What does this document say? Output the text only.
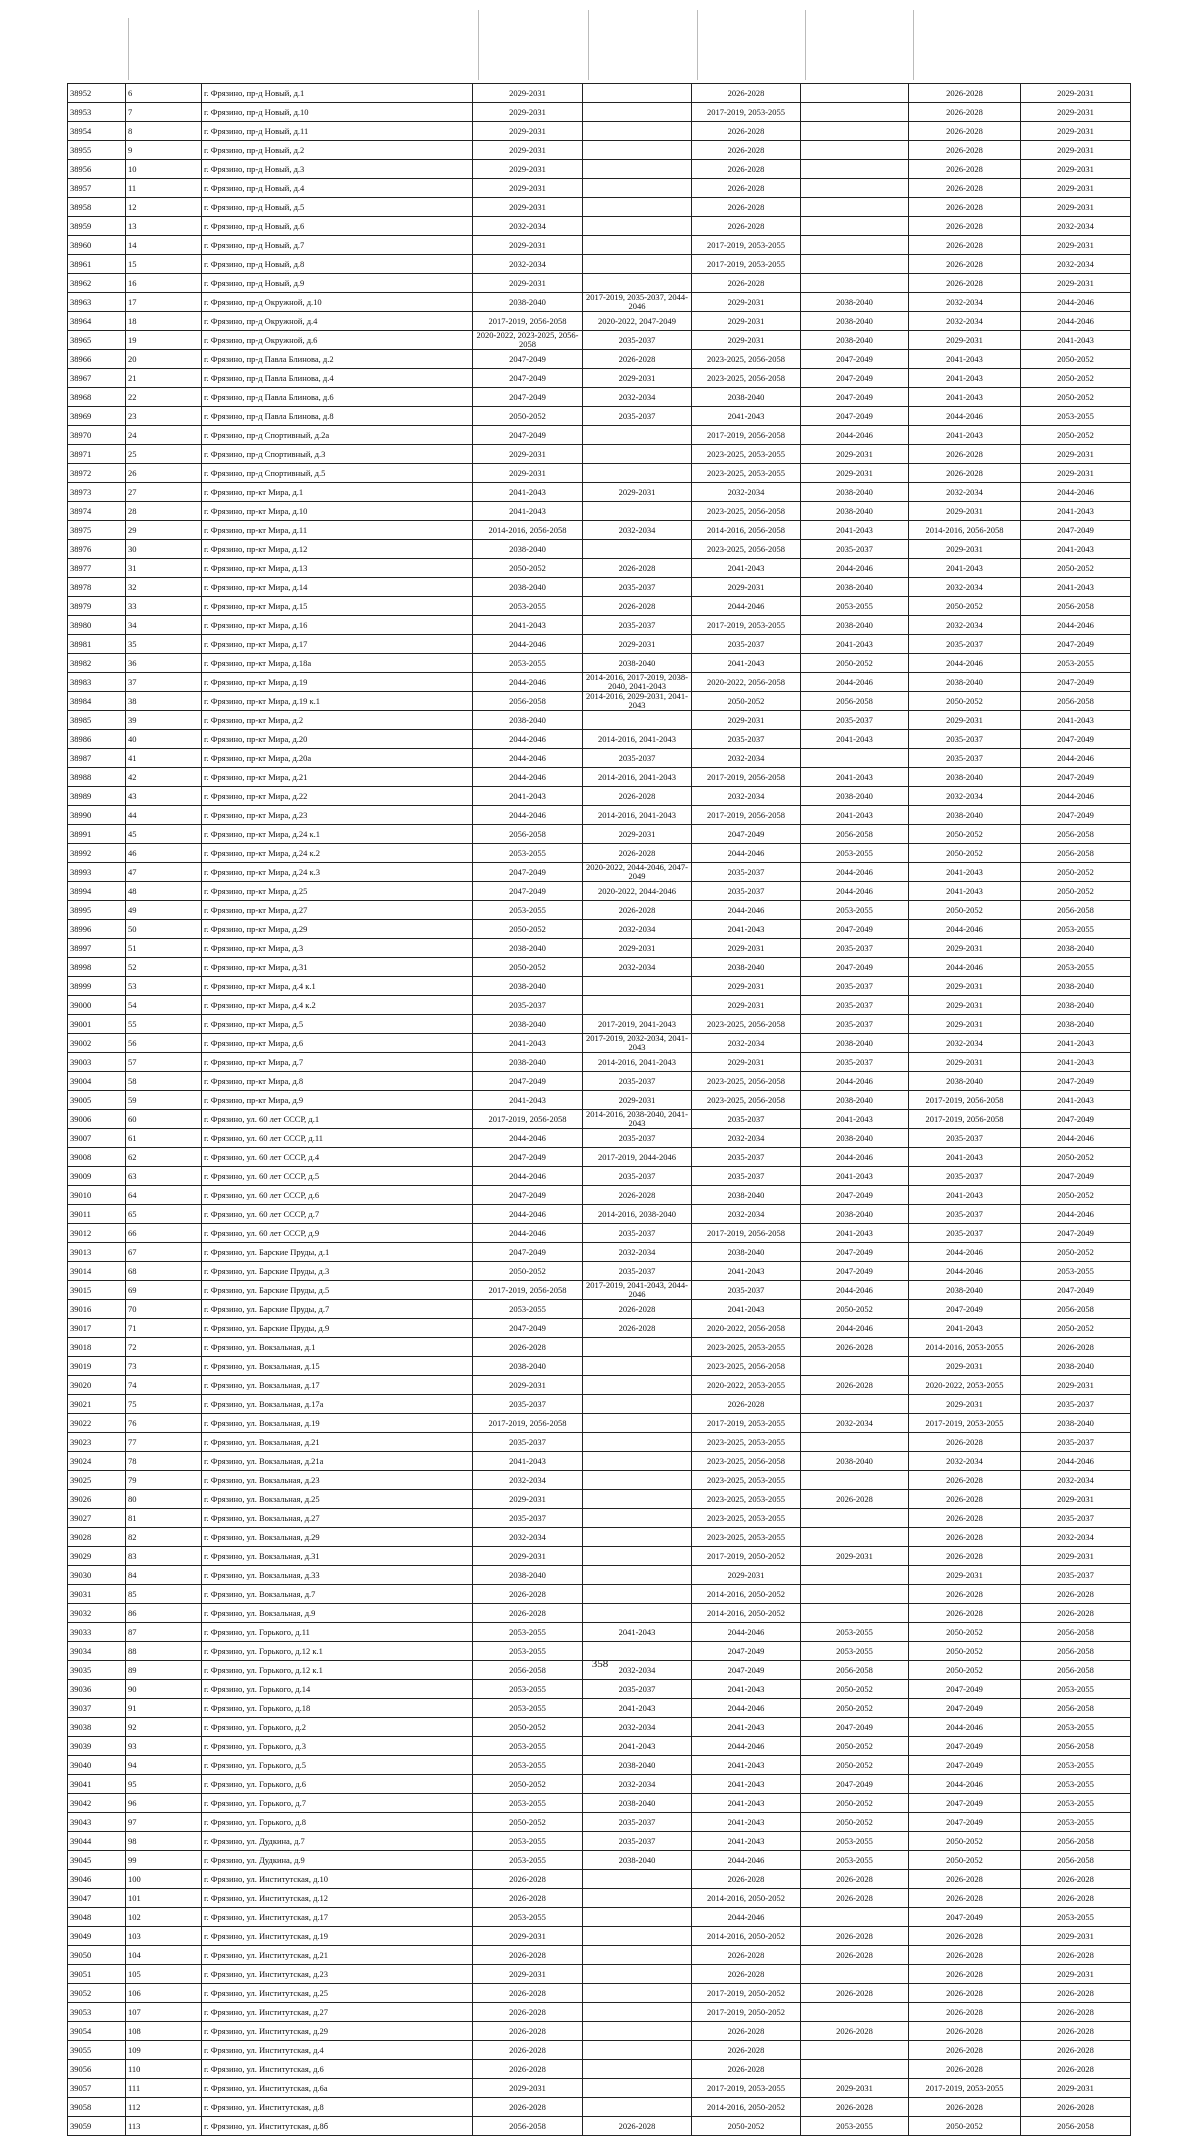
38952	6	г. Фрязино, пр-д Новый, д.1	2029-2031		2026-2028		2026-2028	2029-2031
38953	7	г. Фрязино, пр-д Новый, д.10	2029-2031		2017-2019, 2053-2055		2026-2028	2029-2031
38954	8	г. Фрязино, пр-д Новый, д.11	2029-2031		2026-2028		2026-2028	2029-2031
38955	9	г. Фрязино, пр-д Новый, д.2	2029-2031		2026-2028		2026-2028	2029-2031
38956	10	г. Фрязино, пр-д Новый, д.3	2029-2031		2026-2028		2026-2028	2029-2031
38957	11	г. Фрязино, пр-д Новый, д.4	2029-2031		2026-2028		2026-2028	2029-2031
38958	12	г. Фрязино, пр-д Новый, д.5	2029-2031		2026-2028		2026-2028	2029-2031
38959	13	г. Фрязино, пр-д Новый, д.6	2032-2034		2026-2028		2026-2028	2032-2034
38960	14	г. Фрязино, пр-д Новый, д.7	2029-2031		2017-2019, 2053-2055		2026-2028	2029-2031
38961	15	г. Фрязино, пр-д Новый, д.8	2032-2034		2017-2019, 2053-2055		2026-2028	2032-2034
38962	16	г. Фрязино, пр-д Новый, д.9	2029-2031		2026-2028		2026-2028	2029-2031
38963	17	г. Фрязино, пр-д Окружной, д.10	2038-2040	2017-2019, 2035-2037, 2044-2046	2029-2031	2038-2040	2032-2034	2044-2046
38964	18	г. Фрязино, пр-д Окружной, д.4	2017-2019, 2056-2058	2020-2022, 2047-2049	2029-2031	2038-2040	2032-2034	2044-2046
38965	19	г. Фрязино, пр-д Окружной, д.6	2020-2022, 2023-2025, 2056-2058	2035-2037	2029-2031	2038-2040	2029-2031	2041-2043
38966	20	г. Фрязино, пр-д Павла Блинова, д.2	2047-2049	2026-2028	2023-2025, 2056-2058	2047-2049	2041-2043	2050-2052
38967	21	г. Фрязино, пр-д Павла Блинова, д.4	2047-2049	2029-2031	2023-2025, 2056-2058	2047-2049	2041-2043	2050-2052
38968	22	г. Фрязино, пр-д Павла Блинова, д.6	2047-2049	2032-2034	2038-2040	2047-2049	2041-2043	2050-2052
38969	23	г. Фрязино, пр-д Павла Блинова, д.8	2050-2052	2035-2037	2041-2043	2047-2049	2044-2046	2053-2055
38970	24	г. Фрязино, пр-д Спортивный, д.2а	2047-2049		2017-2019, 2056-2058	2044-2046	2041-2043	2050-2052
38971	25	г. Фрязино, пр-д Спортивный, д.3	2029-2031		2023-2025, 2053-2055	2029-2031	2026-2028	2029-2031
38972	26	г. Фрязино, пр-д Спортивный, д.5	2029-2031		2023-2025, 2053-2055	2029-2031	2026-2028	2029-2031
38973	27	г. Фрязино, пр-кт Мира, д.1	2041-2043	2029-2031	2032-2034	2038-2040	2032-2034	2044-2046
38974	28	г. Фрязино, пр-кт Мира, д.10	2041-2043		2023-2025, 2056-2058	2038-2040	2029-2031	2041-2043
38975	29	г. Фрязино, пр-кт Мира, д.11	2014-2016, 2056-2058	2032-2034	2014-2016, 2056-2058	2041-2043	2014-2016, 2056-2058	2047-2049
38976	30	г. Фрязино, пр-кт Мира, д.12	2038-2040		2023-2025, 2056-2058	2035-2037	2029-2031	2041-2043
38977	31	г. Фрязино, пр-кт Мира, д.13	2050-2052	2026-2028	2041-2043	2044-2046	2041-2043	2050-2052
38978	32	г. Фрязино, пр-кт Мира, д.14	2038-2040	2035-2037	2029-2031	2038-2040	2032-2034	2041-2043
38979	33	г. Фрязино, пр-кт Мира, д.15	2053-2055	2026-2028	2044-2046	2053-2055	2050-2052	2056-2058
38980	34	г. Фрязино, пр-кт Мира, д.16	2041-2043	2035-2037	2017-2019, 2053-2055	2038-2040	2032-2034	2044-2046
38981	35	г. Фрязино, пр-кт Мира, д.17	2044-2046	2029-2031	2035-2037	2041-2043	2035-2037	2047-2049
38982	36	г. Фрязино, пр-кт Мира, д.18а	2053-2055	2038-2040	2041-2043	2050-2052	2044-2046	2053-2055
38983	37	г. Фрязино, пр-кт Мира, д.19	2044-2046	2014-2016, 2017-2019, 2038-2040, 2041-2043	2020-2022, 2056-2058	2044-2046	2038-2040	2047-2049
38984	38	г. Фрязино, пр-кт Мира, д.19 к.1	2056-2058	2014-2016, 2029-2031, 2041-2043	2050-2052	2056-2058	2050-2052	2056-2058
38985	39	г. Фрязино, пр-кт Мира, д.2	2038-2040		2029-2031	2035-2037	2029-2031	2041-2043
38986	40	г. Фрязино, пр-кт Мира, д.20	2044-2046	2014-2016, 2041-2043	2035-2037	2041-2043	2035-2037	2047-2049
38987	41	г. Фрязино, пр-кт Мира, д.20а	2044-2046	2035-2037	2032-2034		2035-2037	2044-2046
38988	42	г. Фрязино, пр-кт Мира, д.21	2044-2046	2014-2016, 2041-2043	2017-2019, 2056-2058	2041-2043	2038-2040	2047-2049
38989	43	г. Фрязино, пр-кт Мира, д.22	2041-2043	2026-2028	2032-2034	2038-2040	2032-2034	2044-2046
38990	44	г. Фрязино, пр-кт Мира, д.23	2044-2046	2014-2016, 2041-2043	2017-2019, 2056-2058	2041-2043	2038-2040	2047-2049
38991	45	г. Фрязино, пр-кт Мира, д.24 к.1	2056-2058	2029-2031	2047-2049	2056-2058	2050-2052	2056-2058
38992	46	г. Фрязино, пр-кт Мира, д.24 к.2	2053-2055	2026-2028	2044-2046	2053-2055	2050-2052	2056-2058
38993	47	г. Фрязино, пр-кт Мира, д.24 к.3	2047-2049	2020-2022, 2044-2046, 2047-2049	2035-2037	2044-2046	2041-2043	2050-2052
38994	48	г. Фрязино, пр-кт Мира, д.25	2047-2049	2020-2022, 2044-2046	2035-2037	2044-2046	2041-2043	2050-2052
38995	49	г. Фрязино, пр-кт Мира, д.27	2053-2055	2026-2028	2044-2046	2053-2055	2050-2052	2056-2058
38996	50	г. Фрязино, пр-кт Мира, д.29	2050-2052	2032-2034	2041-2043	2047-2049	2044-2046	2053-2055
38997	51	г. Фрязино, пр-кт Мира, д.3	2038-2040	2029-2031	2029-2031	2035-2037	2029-2031	2038-2040
38998	52	г. Фрязино, пр-кт Мира, д.31	2050-2052	2032-2034	2038-2040	2047-2049	2044-2046	2053-2055
38999	53	г. Фрязино, пр-кт Мира, д.4 к.1	2038-2040		2029-2031	2035-2037	2029-2031	2038-2040
39000	54	г. Фрязино, пр-кт Мира, д.4 к.2	2035-2037		2029-2031	2035-2037	2029-2031	2038-2040
39001	55	г. Фрязино, пр-кт Мира, д.5	2038-2040	2017-2019, 2041-2043	2023-2025, 2056-2058	2035-2037	2029-2031	2038-2040
39002	56	г. Фрязино, пр-кт Мира, д.6	2041-2043	2017-2019, 2032-2034, 2041-2043	2032-2034	2038-2040	2032-2034	2041-2043
39003	57	г. Фрязино, пр-кт Мира, д.7	2038-2040	2014-2016, 2041-2043	2029-2031	2035-2037	2029-2031	2041-2043
39004	58	г. Фрязино, пр-кт Мира, д.8	2047-2049	2035-2037	2023-2025, 2056-2058	2044-2046	2038-2040	2047-2049
39005	59	г. Фрязино, пр-кт Мира, д.9	2041-2043	2029-2031	2023-2025, 2056-2058	2038-2040	2017-2019, 2056-2058	2041-2043
39006	60	г. Фрязино, ул. 60 лет СССР, д.1	2017-2019, 2056-2058	2014-2016, 2038-2040, 2041-2043	2035-2037	2041-2043	2017-2019, 2056-2058	2047-2049
39007	61	г. Фрязино, ул. 60 лет СССР, д.11	2044-2046	2035-2037	2032-2034	2038-2040	2035-2037	2044-2046
39008	62	г. Фрязино, ул. 60 лет СССР, д.4	2047-2049	2017-2019, 2044-2046	2035-2037	2044-2046	2041-2043	2050-2052
39009	63	г. Фрязино, ул. 60 лет СССР, д.5	2044-2046	2035-2037	2035-2037	2041-2043	2035-2037	2047-2049
39010	64	г. Фрязино, ул. 60 лет СССР, д.6	2047-2049	2026-2028	2038-2040	2047-2049	2041-2043	2050-2052
39011	65	г. Фрязино, ул. 60 лет СССР, д.7	2044-2046	2014-2016, 2038-2040	2032-2034	2038-2040	2035-2037	2044-2046
39012	66	г. Фрязино, ул. 60 лет СССР, д.9	2044-2046	2035-2037	2017-2019, 2056-2058	2041-2043	2035-2037	2047-2049
39013	67	г. Фрязино, ул. Барские Пруды, д.1	2047-2049	2032-2034	2038-2040	2047-2049	2044-2046	2050-2052
39014	68	г. Фрязино, ул. Барские Пруды, д.3	2050-2052	2035-2037	2041-2043	2047-2049	2044-2046	2053-2055
39015	69	г. Фрязино, ул. Барские Пруды, д.5	2017-2019, 2056-2058	2017-2019, 2041-2043, 2044-2046	2035-2037	2044-2046	2038-2040	2047-2049
39016	70	г. Фрязино, ул. Барские Пруды, д.7	2053-2055	2026-2028	2041-2043	2050-2052	2047-2049	2056-2058
39017	71	г. Фрязино, ул. Барские Пруды, д.9	2047-2049	2026-2028	2020-2022, 2056-2058	2044-2046	2041-2043	2050-2052
39018	72	г. Фрязино, ул. Вокзальная, д.1	2026-2028		2023-2025, 2053-2055	2026-2028	2014-2016, 2053-2055	2026-2028
39019	73	г. Фрязино, ул. Вокзальная, д.15	2038-2040		2023-2025, 2056-2058		2029-2031	2038-2040
39020	74	г. Фрязино, ул. Вокзальная, д.17	2029-2031		2020-2022, 2053-2055	2026-2028	2020-2022, 2053-2055	2029-2031
39021	75	г. Фрязино, ул. Вокзальная, д.17а	2035-2037		2026-2028		2029-2031	2035-2037
39022	76	г. Фрязино, ул. Вокзальная, д.19	2017-2019, 2056-2058		2017-2019, 2053-2055	2032-2034	2017-2019, 2053-2055	2038-2040
39023	77	г. Фрязино, ул. Вокзальная, д.21	2035-2037		2023-2025, 2053-2055		2026-2028	2035-2037
39024	78	г. Фрязино, ул. Вокзальная, д.21а	2041-2043		2023-2025, 2056-2058	2038-2040	2032-2034	2044-2046
39025	79	г. Фрязино, ул. Вокзальная, д.23	2032-2034		2023-2025, 2053-2055		2026-2028	2032-2034
39026	80	г. Фрязино, ул. Вокзальная, д.25	2029-2031		2023-2025, 2053-2055	2026-2028	2026-2028	2029-2031
39027	81	г. Фрязино, ул. Вокзальная, д.27	2035-2037		2023-2025, 2053-2055		2026-2028	2035-2037
39028	82	г. Фрязино, ул. Вокзальная, д.29	2032-2034		2023-2025, 2053-2055		2026-2028	2032-2034
39029	83	г. Фрязино, ул. Вокзальная, д.31	2029-2031		2017-2019, 2050-2052	2029-2031	2026-2028	2029-2031
39030	84	г. Фрязино, ул. Вокзальная, д.33	2038-2040		2029-2031		2029-2031	2035-2037
39031	85	г. Фрязино, ул. Вокзальная, д.7	2026-2028		2014-2016, 2050-2052		2026-2028	2026-2028
39032	86	г. Фрязино, ул. Вокзальная, д.9	2026-2028		2014-2016, 2050-2052		2026-2028	2026-2028
39033	87	г. Фрязино, ул. Горького, д.11	2053-2055	2041-2043	2044-2046	2053-2055	2050-2052	2056-2058
39034	88	г. Фрязино, ул. Горького, д.12 к.1	2053-2055		2047-2049	2053-2055	2050-2052	2056-2058
39035	89	г. Фрязино, ул. Горького, д.12 к.1	2056-2058	2032-2034	2047-2049	2056-2058	2050-2052	2056-2058
39036	90	г. Фрязино, ул. Горького, д.14	2053-2055	2035-2037	2041-2043	2050-2052	2047-2049	2053-2055
39037	91	г. Фрязино, ул. Горького, д.18	2053-2055	2041-2043	2044-2046	2050-2052	2047-2049	2056-2058
39038	92	г. Фрязино, ул. Горького, д.2	2050-2052	2032-2034	2041-2043	2047-2049	2044-2046	2053-2055
39039	93	г. Фрязино, ул. Горького, д.3	2053-2055	2041-2043	2044-2046	2050-2052	2047-2049	2056-2058
39040	94	г. Фрязино, ул. Горького, д.5	2053-2055	2038-2040	2041-2043	2050-2052	2047-2049	2053-2055
39041	95	г. Фрязино, ул. Горького, д.6	2050-2052	2032-2034	2041-2043	2047-2049	2044-2046	2053-2055
39042	96	г. Фрязино, ул. Горького, д.7	2053-2055	2038-2040	2041-2043	2050-2052	2047-2049	2053-2055
39043	97	г. Фрязино, ул. Горького, д.8	2050-2052	2035-2037	2041-2043	2050-2052	2047-2049	2053-2055
39044	98	г. Фрязино, ул. Дудкина, д.7	2053-2055	2035-2037	2041-2043	2053-2055	2050-2052	2056-2058
39045	99	г. Фрязино, ул. Дудкина, д.9	2053-2055	2038-2040	2044-2046	2053-2055	2050-2052	2056-2058
39046	100	г. Фрязино, ул. Институтская, д.10	2026-2028		2026-2028	2026-2028	2026-2028	2026-2028
39047	101	г. Фрязино, ул. Институтская, д.12	2026-2028		2014-2016, 2050-2052	2026-2028	2026-2028	2026-2028
39048	102	г. Фрязино, ул. Институтская, д.17	2053-2055		2044-2046		2047-2049	2053-2055
39049	103	г. Фрязино, ул. Институтская, д.19	2029-2031		2014-2016, 2050-2052	2026-2028	2026-2028	2029-2031
39050	104	г. Фрязино, ул. Институтская, д.21	2026-2028		2026-2028	2026-2028	2026-2028	2026-2028
39051	105	г. Фрязино, ул. Институтская, д.23	2029-2031		2026-2028		2026-2028	2029-2031
39052	106	г. Фрязино, ул. Институтская, д.25	2026-2028		2017-2019, 2050-2052	2026-2028	2026-2028	2026-2028
39053	107	г. Фрязино, ул. Институтская, д.27	2026-2028		2017-2019, 2050-2052		2026-2028	2026-2028
39054	108	г. Фрязино, ул. Институтская, д.29	2026-2028		2026-2028	2026-2028	2026-2028	2026-2028
39055	109	г. Фрязино, ул. Институтская, д.4	2026-2028		2026-2028		2026-2028	2026-2028
39056	110	г. Фрязино, ул. Институтская, д.6	2026-2028		2026-2028		2026-2028	2026-2028
39057	111	г. Фрязино, ул. Институтская, д.6а	2029-2031		2017-2019, 2053-2055	2029-2031	2017-2019, 2053-2055	2029-2031
39058	112	г. Фрязино, ул. Институтская, д.8	2026-2028		2014-2016, 2050-2052	2026-2028	2026-2028	2026-2028
39059	113	г. Фрязино, ул. Институтская, д.8б	2056-2058	2026-2028	2050-2052	2053-2055	2050-2052	2056-2058
358
